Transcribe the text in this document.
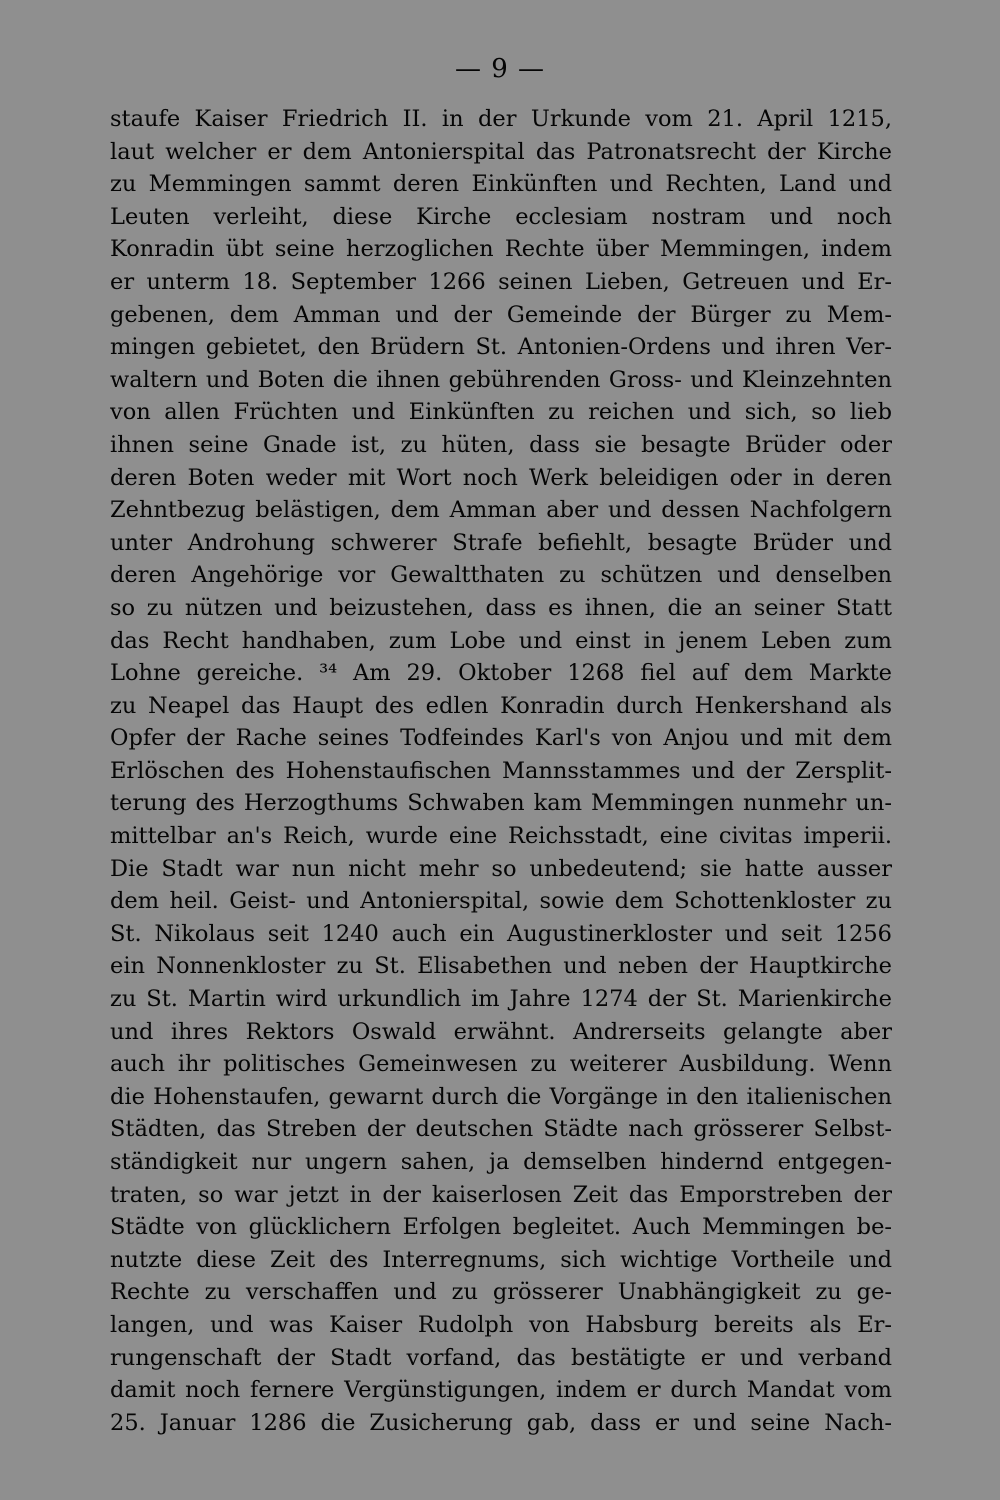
— 9 —
staufe Kaiser Friedrich II. in der Urkunde vom 21. April 1215,
laut welcher er dem Antonierspital das Patronatsrecht der Kirche
zu Memmingen sammt deren Einkünften und Rechten, Land und
Leuten verleiht, diese Kirche ecclesiam nostram und noch
Konradin übt seine herzoglichen Rechte über Memmingen, indem
er unterm 18. September 1266 seinen Lieben, Getreuen und Er-
gebenen, dem Amman und der Gemeinde der Bürger zu Mem-
mingen gebietet, den Brüdern St. Antonien-Ordens und ihren Ver-
waltern und Boten die ihnen gebührenden Gross- und Kleinzehnten
von allen Früchten und Einkünften zu reichen und sich, so lieb
ihnen seine Gnade ist, zu hüten, dass sie besagte Brüder oder
deren Boten weder mit Wort noch Werk beleidigen oder in deren
Zehntbezug belästigen, dem Amman aber und dessen Nachfolgern
unter Androhung schwerer Strafe befiehlt, besagte Brüder und
deren Angehörige vor Gewaltthaten zu schützen und denselben
so zu nützen und beizustehen, dass es ihnen, die an seiner Statt
das Recht handhaben, zum Lobe und einst in jenem Leben zum
Lohne gereiche. ³⁴ Am 29. Oktober 1268 fiel auf dem Markte
zu Neapel das Haupt des edlen Konradin durch Henkershand als
Opfer der Rache seines Todfeindes Karl's von Anjou und mit dem
Erlöschen des Hohenstaufischen Mannsstammes und der Zersplit-
terung des Herzogthums Schwaben kam Memmingen nunmehr un-
mittelbar an's Reich, wurde eine Reichsstadt, eine civitas imperii.
Die Stadt war nun nicht mehr so unbedeutend; sie hatte ausser
dem heil. Geist- und Antonierspital, sowie dem Schottenkloster zu
St. Nikolaus seit 1240 auch ein Augustinerkloster und seit 1256
ein Nonnenkloster zu St. Elisabethen und neben der Hauptkirche
zu St. Martin wird urkundlich im Jahre 1274 der St. Marienkirche
und ihres Rektors Oswald erwähnt. Andrerseits gelangte aber
auch ihr politisches Gemeinwesen zu weiterer Ausbildung. Wenn
die Hohenstaufen, gewarnt durch die Vorgänge in den italienischen
Städten, das Streben der deutschen Städte nach grösserer Selbst-
ständigkeit nur ungern sahen, ja demselben hindernd entgegen-
traten, so war jetzt in der kaiserlosen Zeit das Emporstreben der
Städte von glücklichern Erfolgen begleitet. Auch Memmingen be-
nutzte diese Zeit des Interregnums, sich wichtige Vortheile und
Rechte zu verschaffen und zu grösserer Unabhängigkeit zu ge-
langen, und was Kaiser Rudolph von Habsburg bereits als Er-
rungenschaft der Stadt vorfand, das bestätigte er und verband
damit noch fernere Vergünstigungen, indem er durch Mandat vom
25. Januar 1286 die Zusicherung gab, dass er und seine Nach-
